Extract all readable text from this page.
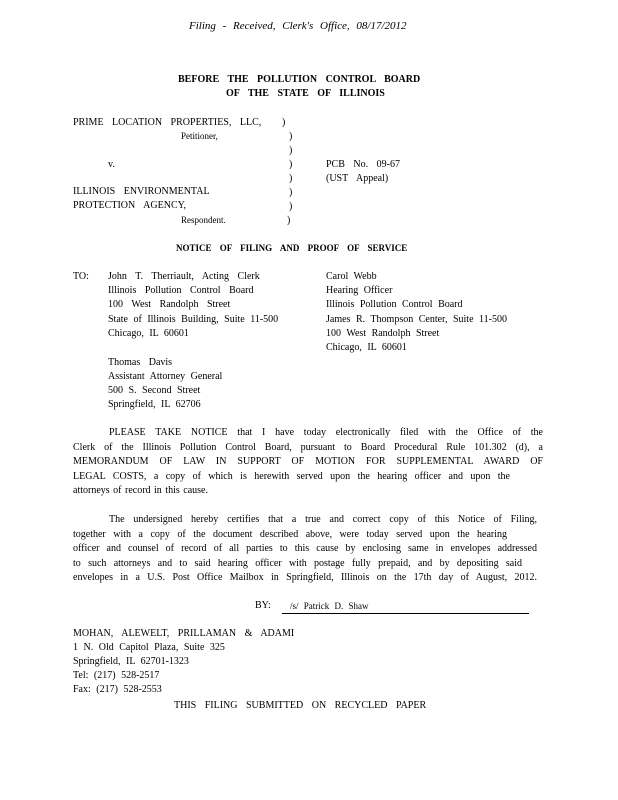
Filing - Received, Clerk's Office, 08/17/2012
BEFORE THE POLLUTION CONTROL BOARD
OF THE STATE OF ILLINOIS
PRIME LOCATION PROPERTIES, LLC,
Petitioner,
v.
ILLINOIS ENVIRONMENTAL
PROTECTION AGENCY,
Respondent.
)
)
)
)
)
)
)
)
PCB No. 09-67
(UST Appeal)
NOTICE OF FILING AND PROOF OF SERVICE
TO: John T. Therriault, Acting Clerk
Illinois Pollution Control Board
100 West Randolph Street
State of Illinois Building, Suite 11-500
Chicago, IL 60601
Carol Webb
Hearing Officer
Illinois Pollution Control Board
James R. Thompson Center, Suite 11-500
100 West Randolph Street
Chicago, IL 60601
Thomas Davis
Assistant Attorney General
500 S. Second Street
Springfield, IL 62706
PLEASE TAKE NOTICE that I have today electronically filed with the Office of the
Clerk of the Illinois Pollution Control Board, pursuant to Board Procedural Rule 101.302 (d), a
MEMORANDUM OF LAW IN SUPPORT OF MOTION FOR SUPPLEMENTAL AWARD OF
LEGAL COSTS, a copy of which is herewith served upon the hearing officer and upon the
attorneys of record in this cause.
The undersigned hereby certifies that a true and correct copy of this Notice of Filing,
together with a copy of the document described above, were today served upon the hearing
officer and counsel of record of all parties to this cause by enclosing same in envelopes addressed
to such attorneys and to said hearing officer with postage fully prepaid, and by depositing said
envelopes in a U.S. Post Office Mailbox in Springfield, Illinois on the 17th day of August, 2012.
BY: /s/ Patrick D. Shaw
MOHAN, ALEWELT, PRILLAMAN & ADAMI
1 N. Old Capitol Plaza, Suite 325
Springfield, IL 62701-1323
Tel: (217) 528-2517
Fax: (217) 528-2553
THIS FILING SUBMITTED ON RECYCLED PAPER
